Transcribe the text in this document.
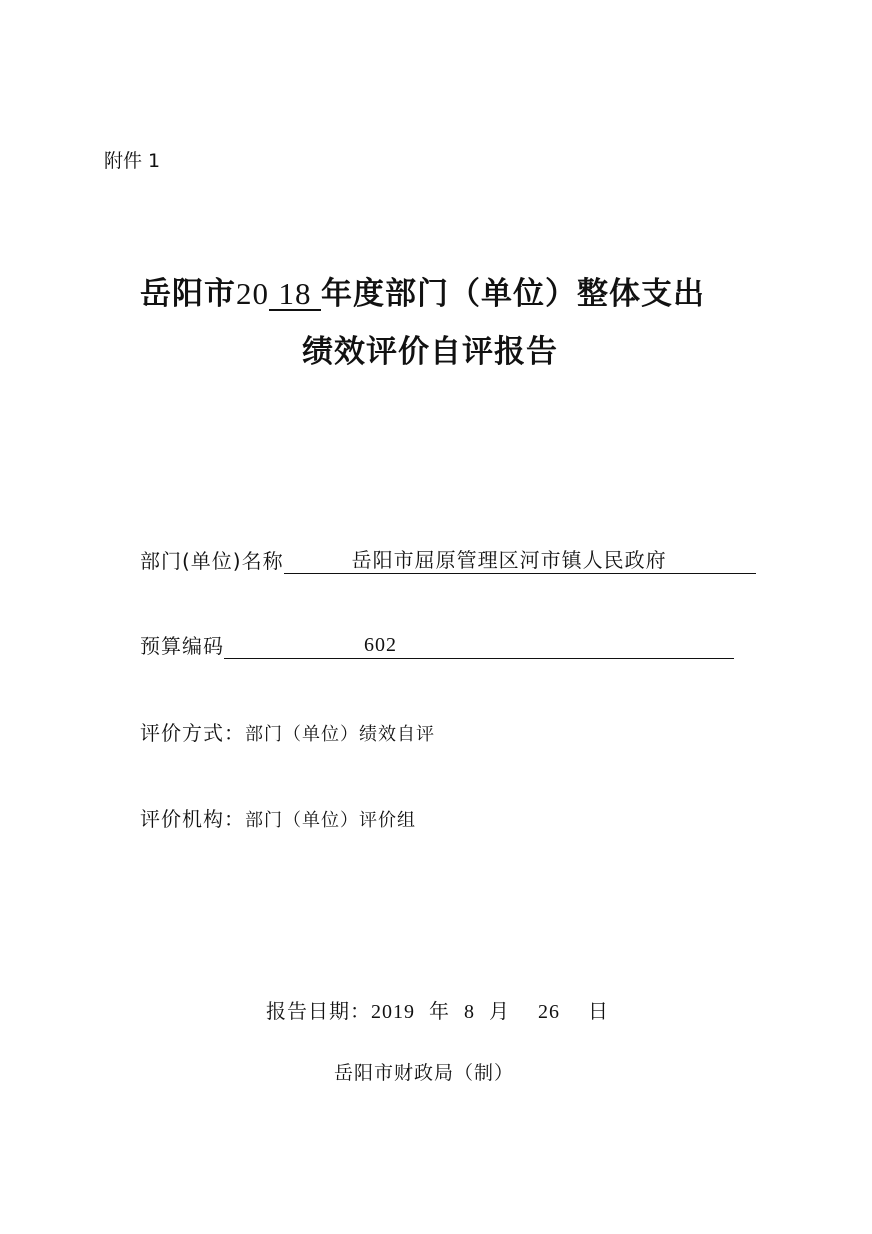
附件 1
岳阳市20 18 年度部门（单位）整体支出
绩效评价自评报告
部门(单位)名称	岳阳市屈原管理区河市镇人民政府
预算编码	602
评价方式：部门（单位）绩效自评
评价机构：部门（单位）评价组
报告日期：2019 年 8 月 26 日
岳阳市财政局（制）
